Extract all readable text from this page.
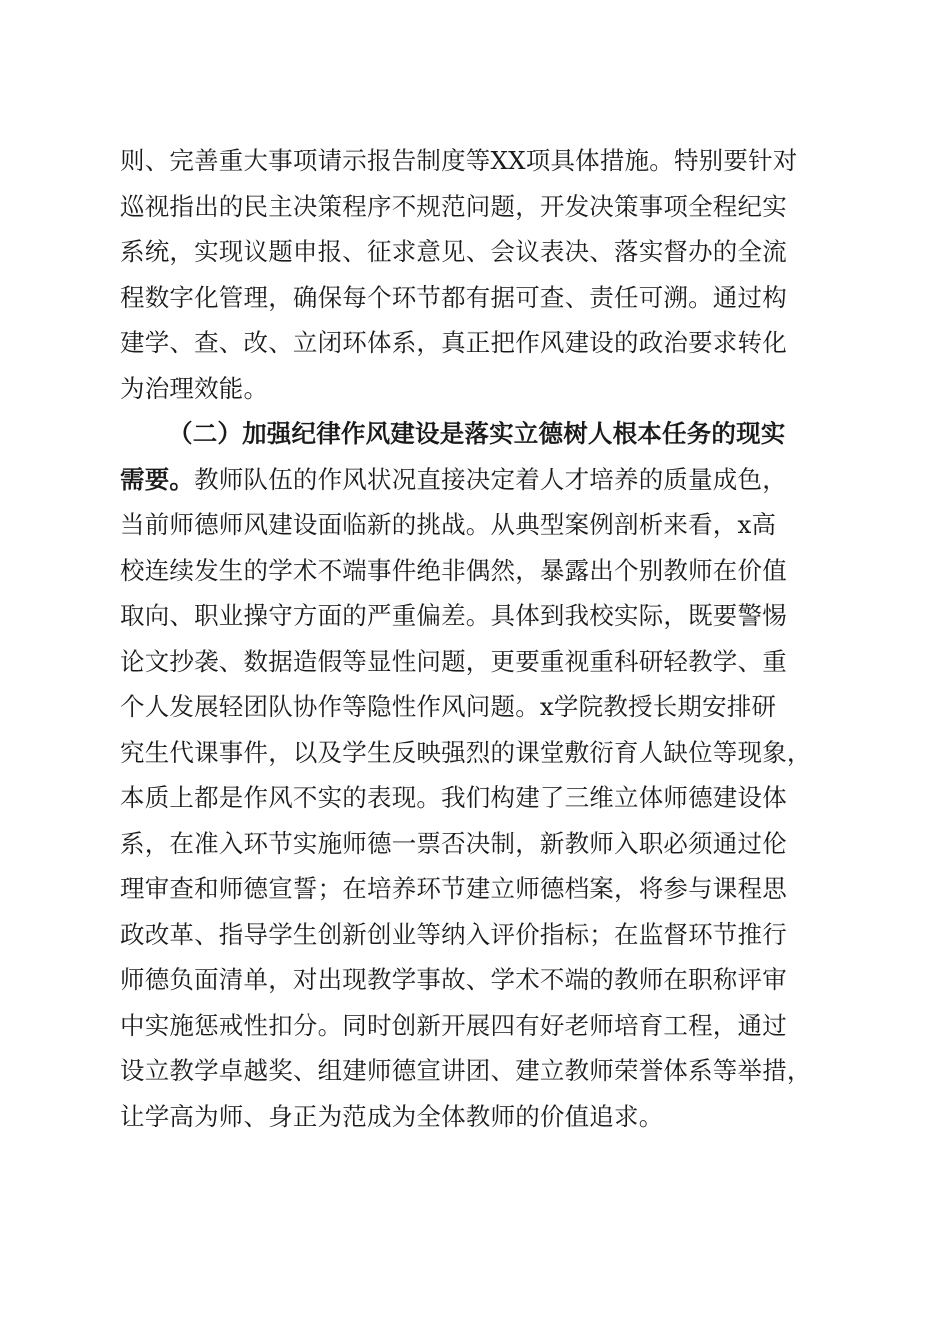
则、完善重大事项请示报告制度等XX项具体措施。特别要针对
巡视指出的民主决策程序不规范问题，开发决策事项全程纪实
系统，实现议题申报、征求意见、会议表决、落实督办的全流
程数字化管理，确保每个环节都有据可查、责任可溯。通过构
建学、查、改、立闭环体系，真正把作风建设的政治要求转化
为治理效能。
（二）加强纪律作风建设是落实立德树人根本任务的现实
需要。教师队伍的作风状况直接决定着人才培养的质量成色，
当前师德师风建设面临新的挑战。从典型案例剖析来看，x高
校连续发生的学术不端事件绝非偶然，暴露出个别教师在价值
取向、职业操守方面的严重偏差。具体到我校实际，既要警惕
论文抄袭、数据造假等显性问题，更要重视重科研轻教学、重
个人发展轻团队协作等隐性作风问题。x学院教授长期安排研
究生代课事件，以及学生反映强烈的课堂敷衍育人缺位等现象，
本质上都是作风不实的表现。我们构建了三维立体师德建设体
系，在准入环节实施师德一票否决制，新教师入职必须通过伦
理审查和师德宣誓；在培养环节建立师德档案，将参与课程思
政改革、指导学生创新创业等纳入评价指标；在监督环节推行
师德负面清单，对出现教学事故、学术不端的教师在职称评审
中实施惩戒性扣分。同时创新开展四有好老师培育工程，通过
设立教学卓越奖、组建师德宣讲团、建立教师荣誉体系等举措，
让学高为师、身正为范成为全体教师的价值追求。
